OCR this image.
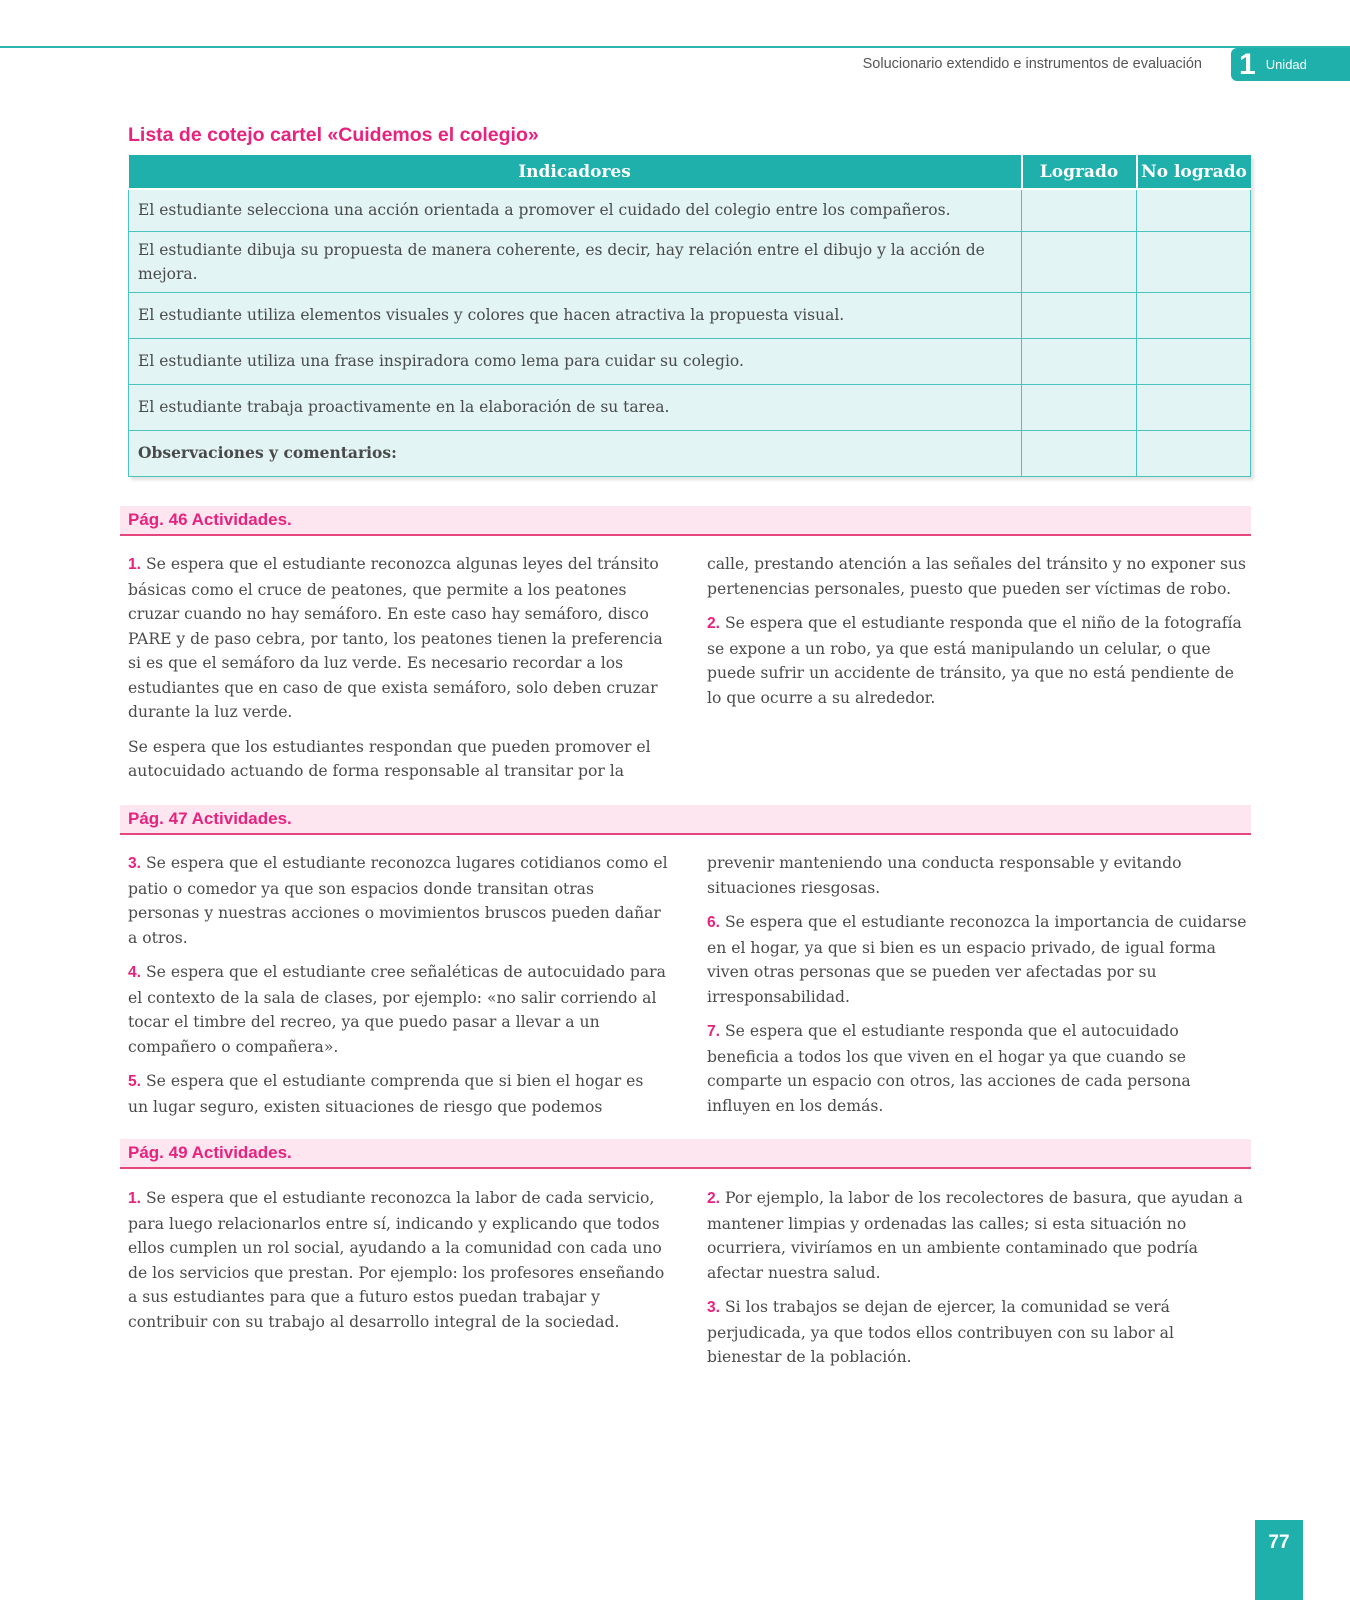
Solucionario extendido e instrumentos de evaluación 1 Unidad
Lista de cotejo cartel «Cuidemos el colegio»
Indicadores	Logrado	No logrado
El estudiante selecciona una acción orientada a promover el cuidado del colegio entre los compañeros.		
El estudiante dibuja su propuesta de manera coherente, es decir, hay relación entre el dibujo y la acción de mejora.		
El estudiante utiliza elementos visuales y colores que hacen atractiva la propuesta visual.		
El estudiante utiliza una frase inspiradora como lema para cuidar su colegio.		
El estudiante trabaja proactivamente en la elaboración de su tarea.		
Observaciones y comentarios:		
Pág. 46 Actividades.

1. Se espera que el estudiante reconozca algunas leyes del tránsito básicas como el cruce de peatones, que permite a los peatones cruzar cuando no hay semáforo. En este caso hay semáforo, disco PARE y de paso cebra, por tanto, los peatones tienen la preferencia si es que el semáforo da luz verde. Es necesario recordar a los estudiantes que en caso de que exista semáforo, solo deben cruzar durante la luz verde.

Se espera que los estudiantes respondan que pueden promover el autocuidado actuando de forma responsable al transitar por la

calle, prestando atención a las señales del tránsito y no exponer sus pertenencias personales, puesto que pueden ser víctimas de robo.

2. Se espera que el estudiante responda que el niño de la fotografía se expone a un robo, ya que está manipulando un celular, o que puede sufrir un accidente de tránsito, ya que no está pendiente de lo que ocurre a su alrededor.

Pág. 47 Actividades.

3. Se espera que el estudiante reconozca lugares cotidianos como el patio o comedor ya que son espacios donde transitan otras personas y nuestras acciones o movimientos bruscos pueden dañar a otros.

4. Se espera que el estudiante cree señaléticas de autocuidado para el contexto de la sala de clases, por ejemplo: «no salir corriendo al tocar el timbre del recreo, ya que puedo pasar a llevar a un compañero o compañera».

5. Se espera que el estudiante comprenda que si bien el hogar es un lugar seguro, existen situaciones de riesgo que podemos

prevenir manteniendo una conducta responsable y evitando situaciones riesgosas.

6. Se espera que el estudiante reconozca la importancia de cuidarse en el hogar, ya que si bien es un espacio privado, de igual forma viven otras personas que se pueden ver afectadas por su irresponsabilidad.

7. Se espera que el estudiante responda que el autocuidado beneficia a todos los que viven en el hogar ya que cuando se comparte un espacio con otros, las acciones de cada persona influyen en los demás.

Pág. 49 Actividades.

1. Se espera que el estudiante reconozca la labor de cada servicio, para luego relacionarlos entre sí, indicando y explicando que todos ellos cumplen un rol social, ayudando a la comunidad con cada uno de los servicios que prestan. Por ejemplo: los profesores enseñando a sus estudiantes para que a futuro estos puedan trabajar y contribuir con su trabajo al desarrollo integral de la sociedad.

2. Por ejemplo, la labor de los recolectores de basura, que ayudan a mantener limpias y ordenadas las calles; si esta situación no ocurriera, viviríamos en un ambiente contaminado que podría afectar nuestra salud.

3. Si los trabajos se dejan de ejercer, la comunidad se verá perjudicada, ya que todos ellos contribuyen con su labor al bienestar de la población.

77
